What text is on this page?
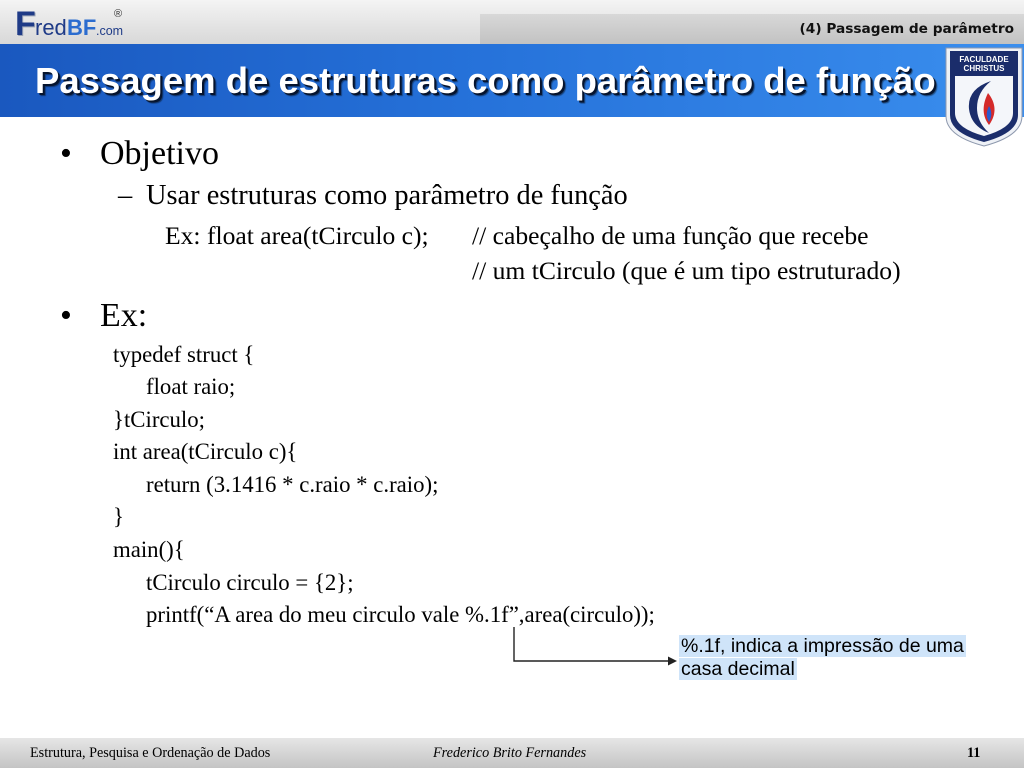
F red BF .com
®
(4) Passagem de parâmetro
Passagem de estruturas como parâmetro de função
FACULDADE
CHRISTUS
• Objetivo
– Usar estruturas como parâmetro de função
Ex: float area(tCirculo c); // cabeçalho de uma função que recebe
// um tCirculo (que é um tipo estruturado)
• Ex:
typedef struct {
float raio;
}tCirculo;
int area(tCirculo c){
return (3.1416 * c.raio * c.raio);
}
main(){
tCirculo circulo = {2};
printf(“A area do meu circulo vale %.1f”,area(circulo));
%.1f, indica a impressão de uma casa decimal
Estrutura, Pesquisa e Ordenação de Dados	Frederico Brito Fernandes	11
